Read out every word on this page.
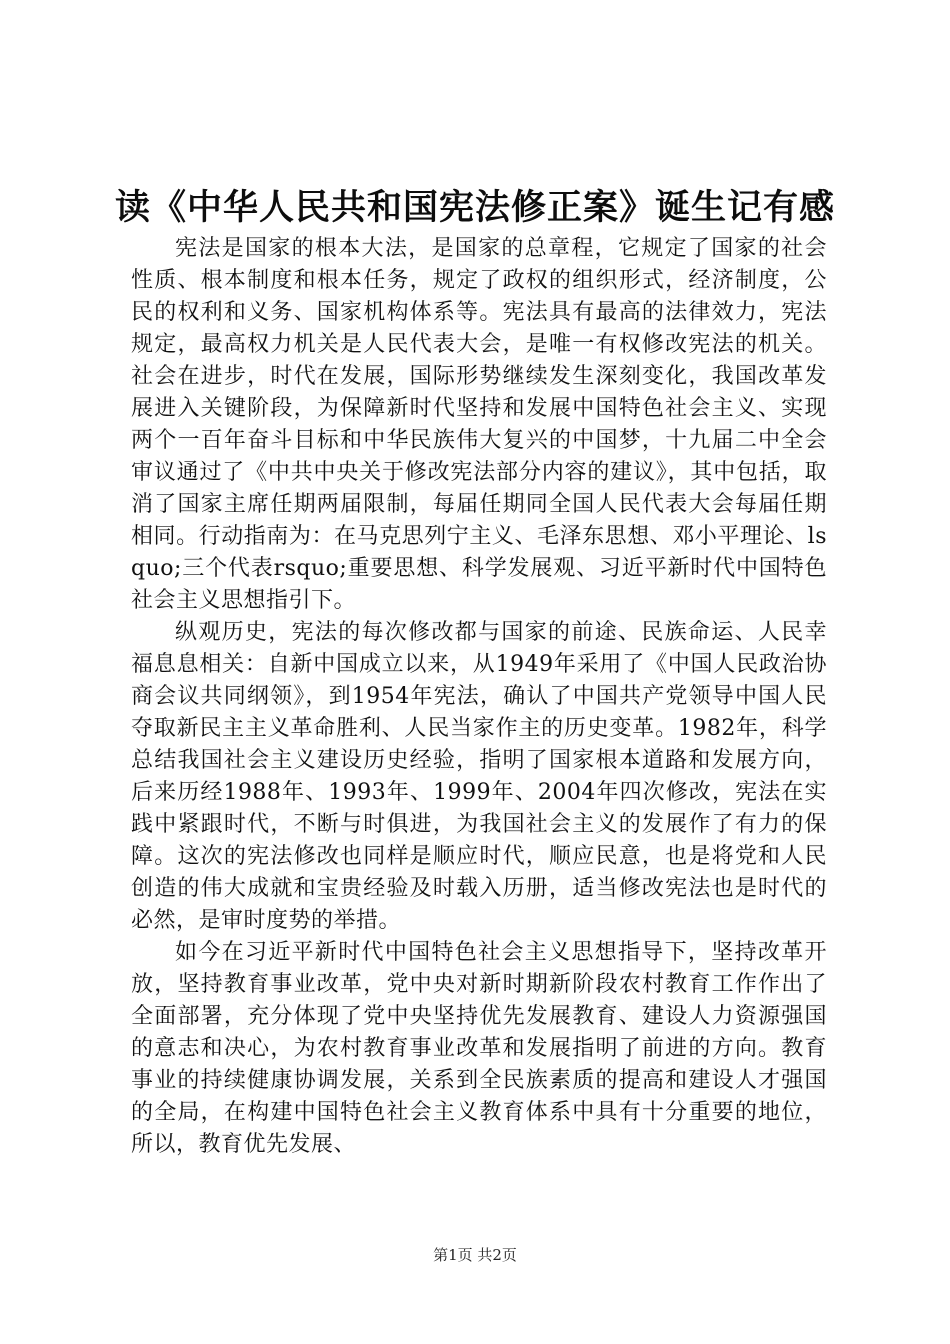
读《中华人民共和国宪法修正案》诞生记有感

宪法是国家的根本大法，是国家的总章程，它规定了国家的社会性质、根本制度和根本任务，规定了政权的组织形式，经济制度，公民的权利和义务、国家机构体系等。宪法具有最高的法律效力，宪法规定，最高权力机关是人民代表大会，是唯一有权修改宪法的机关。社会在进步，时代在发展，国际形势继续发生深刻变化，我国改革发展进入关键阶段，为保障新时代坚持和发展中国特色社会主义、实现两个一百年奋斗目标和中华民族伟大复兴的中国梦，十九届二中全会审议通过了《中共中央关于修改宪法部分内容的建议》，其中包括，取消了国家主席任期两届限制，每届任期同全国人民代表大会每届任期相同。行动指南为：在马克思列宁主义、毛泽东思想、邓小平理论、lsquo;三个代表rsquo;重要思想、科学发展观、习近平新时代中国特色社会主义思想指引下。

纵观历史，宪法的每次修改都与国家的前途、民族命运、人民幸福息息相关：自新中国成立以来，从1949年采用了《中国人民政治协商会议共同纲领》，到1954年宪法，确认了中国共产党领导中国人民夺取新民主主义革命胜利、人民当家作主的历史变革。1982年，科学总结我国社会主义建设历史经验，指明了国家根本道路和发展方向，后来历经1988年、1993年、1999年、2004年四次修改，宪法在实践中紧跟时代，不断与时俱进，为我国社会主义的发展作了有力的保障。这次的宪法修改也同样是顺应时代，顺应民意，也是将党和人民创造的伟大成就和宝贵经验及时载入历册，适当修改宪法也是时代的必然，是审时度势的举措。

如今在习近平新时代中国特色社会主义思想指导下，坚持改革开放，坚持教育事业改革，党中央对新时期新阶段农村教育工作作出了全面部署，充分体现了党中央坚持优先发展教育、建设人力资源强国的意志和决心，为农村教育事业改革和发展指明了前进的方向。教育事业的持续健康协调发展，关系到全民族素质的提高和建设人才强国的全局，在构建中国特色社会主义教育体系中具有十分重要的地位，所以，教育优先发展、

第1页 共2页
